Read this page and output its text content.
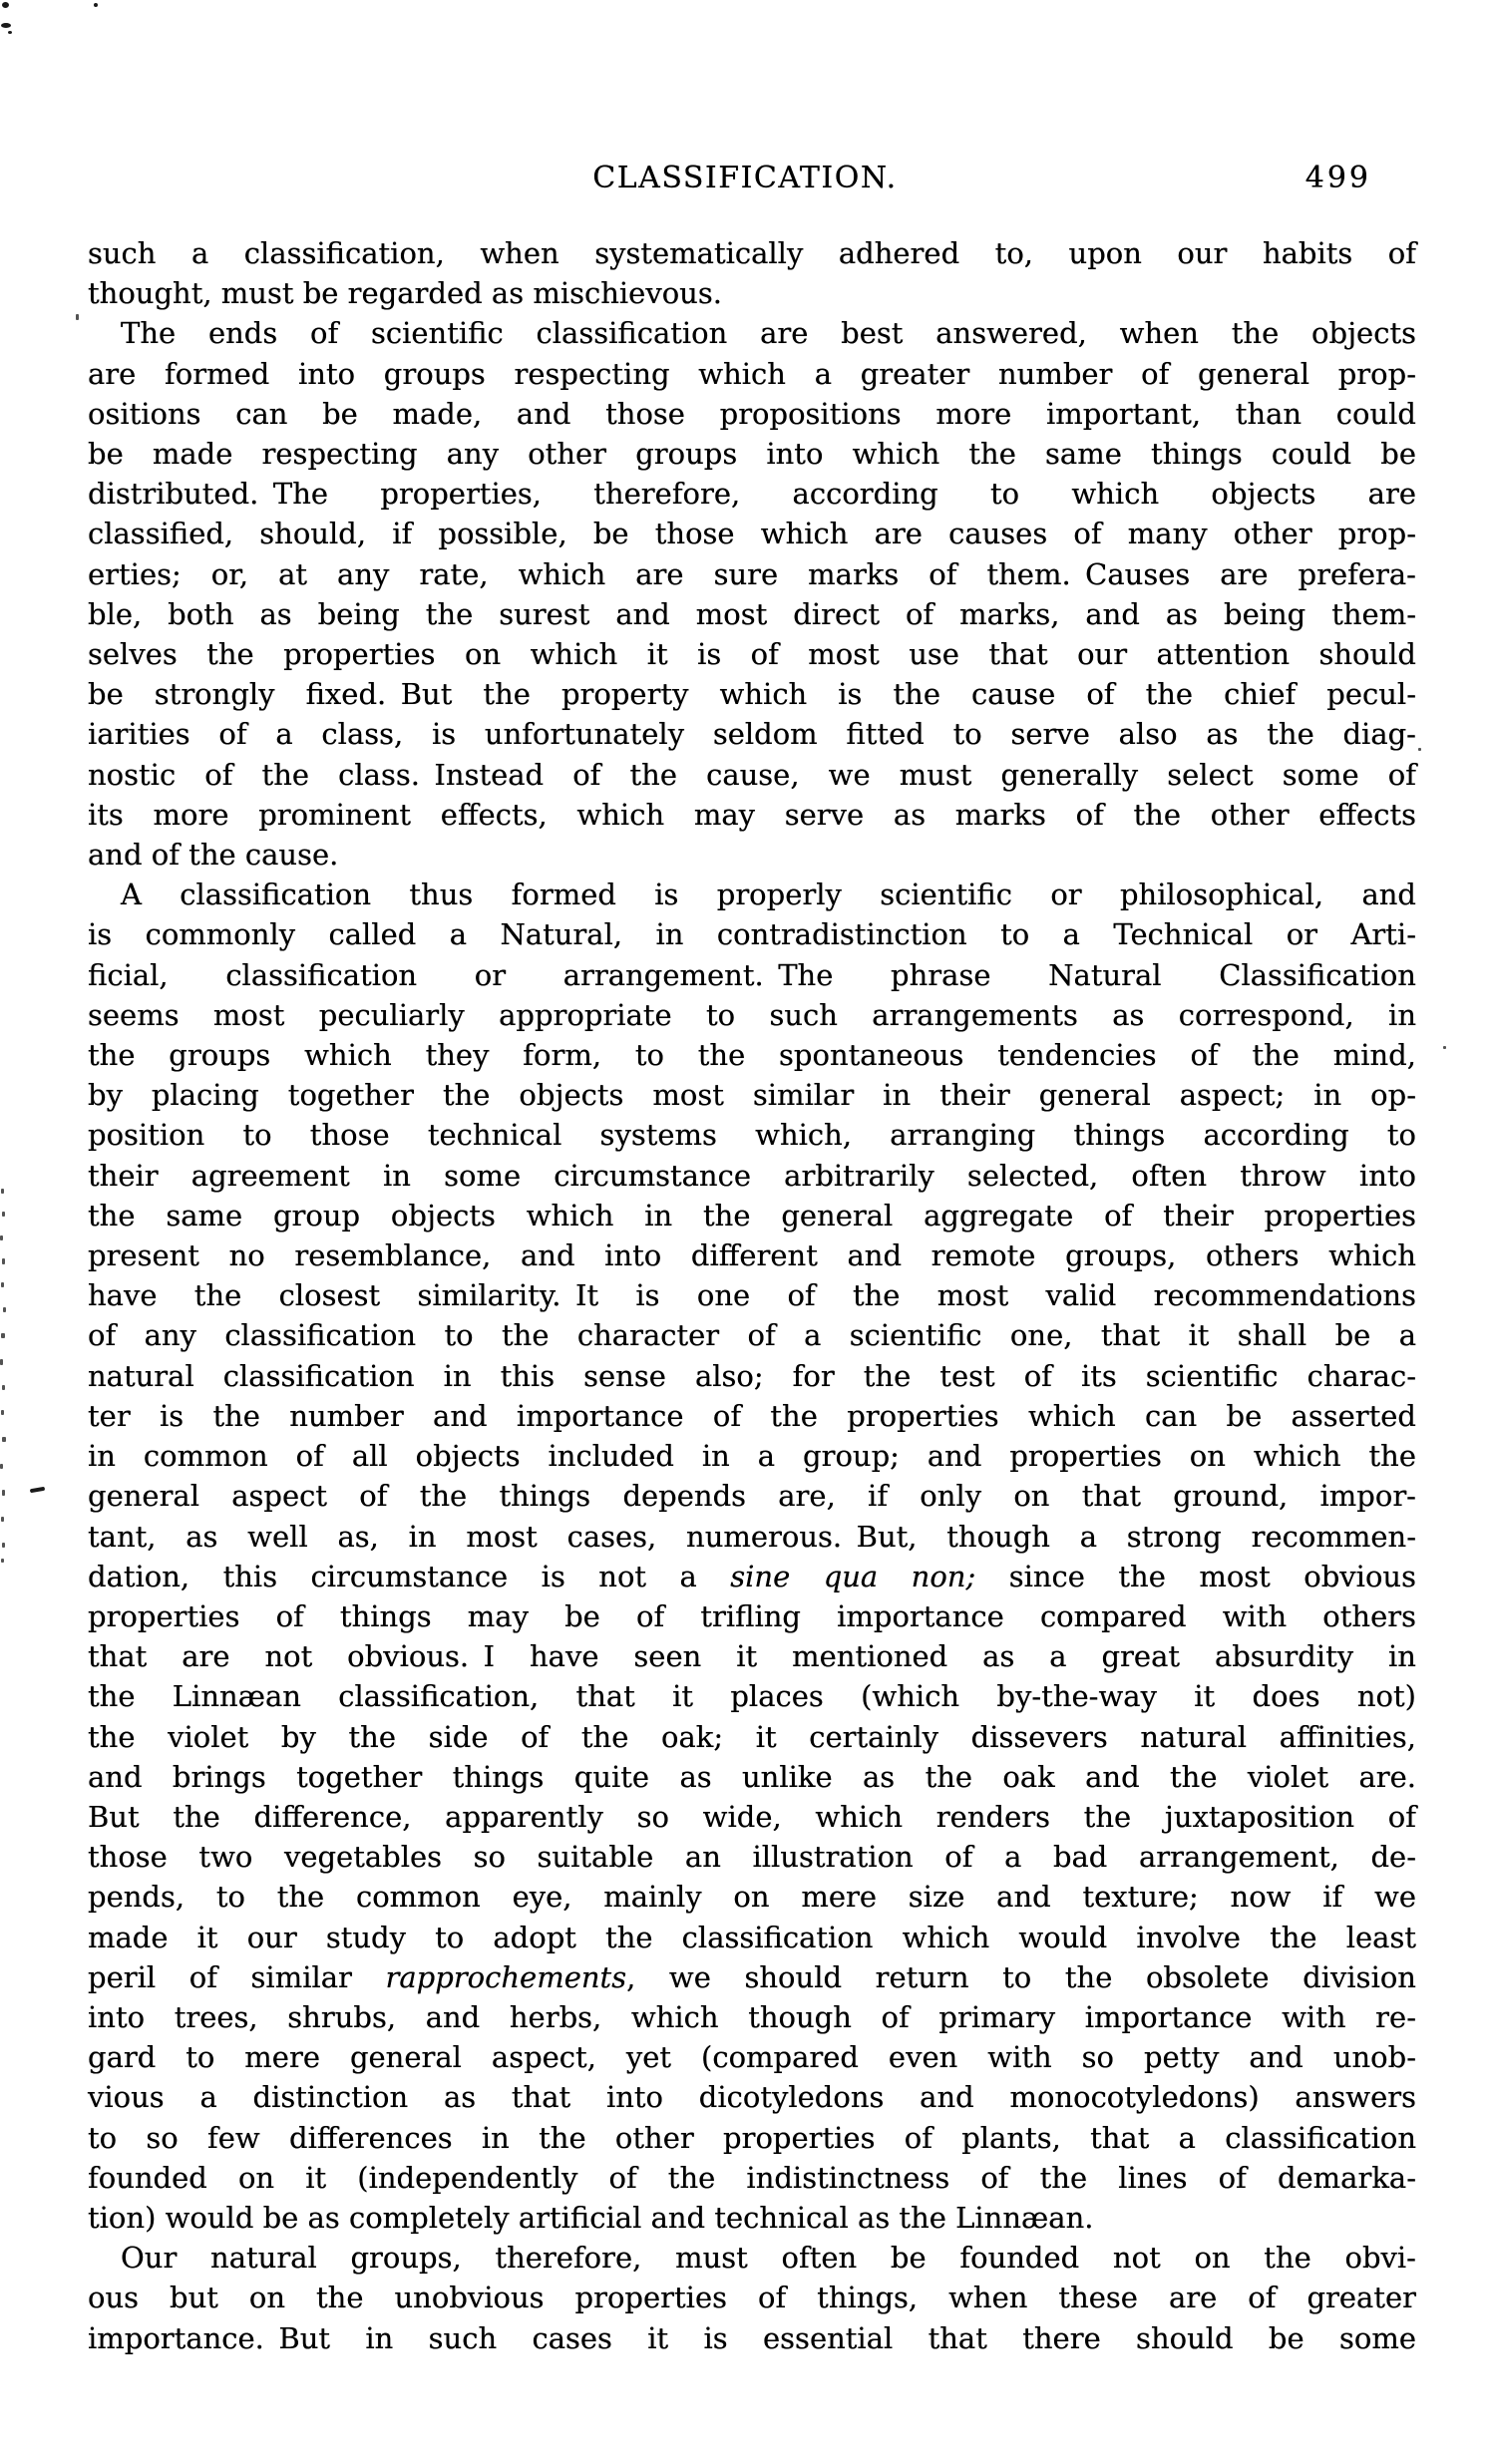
CLASSIFICATION.	499
such a classification, when systematically adhered to, upon our habits of
thought, must be regarded as mischievous.
The ends of scientific classification are best answered, when the objects
are formed into groups respecting which a greater number of general prop-
ositions can be made, and those propositions more important, than could
be made respecting any other groups into which the same things could be
distributed. The properties, therefore, according to which objects are
classified, should, if possible, be those which are causes of many other prop-
erties; or, at any rate, which are sure marks of them. Causes are prefera-
ble, both as being the surest and most direct of marks, and as being them-
selves the properties on which it is of most use that our attention should
be strongly fixed. But the property which is the cause of the chief pecul-
iarities of a class, is unfortunately seldom fitted to serve also as the diag-
nostic of the class. Instead of the cause, we must generally select some of
its more prominent effects, which may serve as marks of the other effects
and of the cause.
A classification thus formed is properly scientific or philosophical, and
is commonly called a Natural, in contradistinction to a Technical or Arti-
ficial, classification or arrangement. The phrase Natural Classification
seems most peculiarly appropriate to such arrangements as correspond, in
the groups which they form, to the spontaneous tendencies of the mind,
by placing together the objects most similar in their general aspect; in op-
position to those technical systems which, arranging things according to
their agreement in some circumstance arbitrarily selected, often throw into
the same group objects which in the general aggregate of their properties
present no resemblance, and into different and remote groups, others which
have the closest similarity. It is one of the most valid recommendations
of any classification to the character of a scientific one, that it shall be a
natural classification in this sense also; for the test of its scientific charac-
ter is the number and importance of the properties which can be asserted
in common of all objects included in a group; and properties on which the
general aspect of the things depends are, if only on that ground, impor-
tant, as well as, in most cases, numerous. But, though a strong recommen-
dation, this circumstance is not a sine qua non; since the most obvious
properties of things may be of trifling importance compared with others
that are not obvious. I have seen it mentioned as a great absurdity in
the Linnæan classification, that it places (which by-the-way it does not)
the violet by the side of the oak; it certainly dissevers natural affinities,
and brings together things quite as unlike as the oak and the violet are.
But the difference, apparently so wide, which renders the juxtaposition of
those two vegetables so suitable an illustration of a bad arrangement, de-
pends, to the common eye, mainly on mere size and texture; now if we
made it our study to adopt the classification which would involve the least
peril of similar rapprochements, we should return to the obsolete division
into trees, shrubs, and herbs, which though of primary importance with re-
gard to mere general aspect, yet (compared even with so petty and unob-
vious a distinction as that into dicotyledons and monocotyledons) answers
to so few differences in the other properties of plants, that a classification
founded on it (independently of the indistinctness of the lines of demarka-
tion) would be as completely artificial and technical as the Linnæan.
Our natural groups, therefore, must often be founded not on the obvi-
ous but on the unobvious properties of things, when these are of greater
importance. But in such cases it is essential that there should be some
